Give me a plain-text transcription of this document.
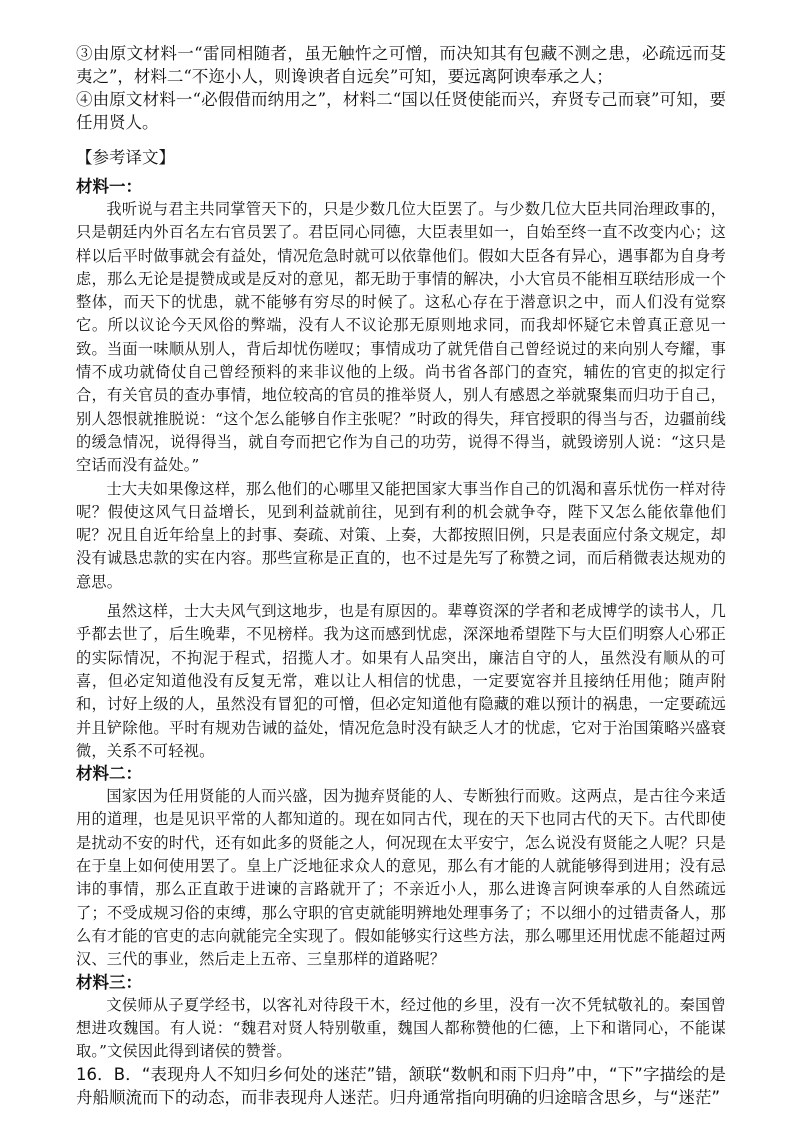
③由原文材料一“雷同相随者，虽无触忤之可憎，而决知其有包藏不测之患，必疏远而芟夷之”，材料二“不迩小人，则谗谀者自远矣”可知，要远离阿谀奉承之人；

④由原文材料一“必假借而纳用之”，材料二“国以任贤使能而兴，弃贤专己而衰”可知，要任用贤人。

【参考译文】

材料一：

我听说与君主共同掌管天下的，只是少数几位大臣罢了。与少数几位大臣共同治理政事的，只是朝廷内外百名左右官员罢了。君臣同心同德，大臣表里如一，自始至终一直不改变内心；这样以后平时做事就会有益处，情况危急时就可以依靠他们。假如大臣各有异心，遇事都为自身考虑，那么无论是提赞成或是反对的意见，都无助于事情的解决，小大官员不能相互联结形成一个整体，而天下的忧患，就不能够有穷尽的时候了。这私心存在于潜意识之中，而人们没有觉察它。所以议论今天风俗的弊端，没有人不议论那无原则地求同，而我却怀疑它未曾真正意见一致。当面一味顺从别人，背后却忧伤嗟叹；事情成功了就凭借自己曾经说过的来向别人夸耀，事情不成功就倚仗自己曾经预料的来非议他的上级。尚书省各部门的查究，辅佐的官吏的拟定行合，有关官员的查办事情，地位较高的官员的推举贤人，别人有感恩之举就聚集而归功于自己，别人怨恨就推脱说：“这个怎么能够自作主张呢？”时政的得失，拜官授职的得当与否，边疆前线的缓急情况，说得得当，就自夸而把它作为自己的功劳，说得不得当，就毁谤别人说：“这只是空话而没有益处。”

士大夫如果像这样，那么他们的心哪里又能把国家大事当作自己的饥渴和喜乐忧伤一样对待呢？假使这风气日益增长，见到利益就前往，见到有利的机会就争夺，陛下又怎么能依靠他们呢？况且自近年给皇上的封事、奏疏、对策、上奏，大都按照旧例，只是表面应付条文规定，却没有诚恳忠款的实在内容。那些宣称是正直的，也不过是先写了称赞之词，而后稍微表达规劝的意思。

虽然这样，士大夫风气到这地步，也是有原因的。辈尊资深的学者和老成博学的读书人，几乎都去世了，后生晚辈，不见榜样。我为这而感到忧虑，深深地希望陛下与大臣们明察人心邪正的实际情况，不拘泥于程式，招揽人才。如果有人品突出，廉洁自守的人，虽然没有顺从的可喜，但必定知道他没有反复无常，难以让人相信的忧患，一定要宽容并且接纳任用他；随声附和，讨好上级的人，虽然没有冒犯的可憎，但必定知道他有隐藏的难以预计的祸患，一定要疏远并且铲除他。平时有规劝告诫的益处，情况危急时没有缺乏人才的忧虑，它对于治国策略兴盛衰微，关系不可轻视。

材料二：

国家因为任用贤能的人而兴盛，因为抛弃贤能的人、专断独行而败。这两点，是古往今来适用的道理，也是见识平常的人都知道的。现在如同古代，现在的天下也同古代的天下。古代即使是扰动不安的时代，还有如此多的贤能之人，何况现在太平安宁，怎么说没有贤能之人呢？只是在于皇上如何使用罢了。皇上广泛地征求众人的意见，那么有才能的人就能够得到进用；没有忌讳的事情，那么正直敢于进谏的言路就开了；不亲近小人，那么进谗言阿谀奉承的人自然疏远了；不受成规习俗的束缚，那么守职的官吏就能明辨地处理事务了；不以细小的过错责备人，那么有才能的官吏的志向就能完全实现了。假如能够实行这些方法，那么哪里还用忧虑不能超过两汉、三代的事业，然后走上五帝、三皇那样的道路呢？

材料三：

文侯师从子夏学经书，以客礼对待段干木，经过他的乡里，没有一次不凭轼敬礼的。秦国曾想进攻魏国。有人说：“魏君对贤人特别敬重，魏国人都称赞他的仁德，上下和谐同心，不能谋取。”文侯因此得到诸侯的赞誉。

16．B．“表现舟人不知归乡何处的迷茫”错，颔联“数帆和雨下归舟”中，“下”字描绘的是舟船顺流而下的动态，而非表现舟人迷茫。归舟通常指向明确的归途暗含思乡，与“迷茫”
